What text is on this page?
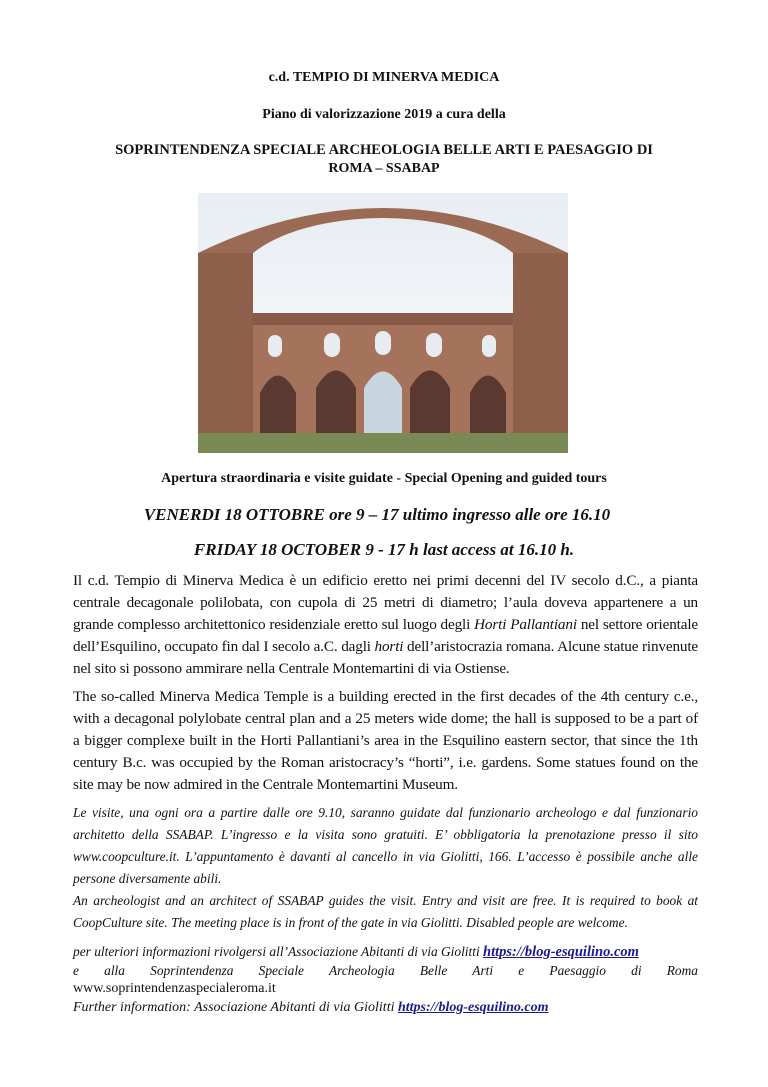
c.d. TEMPIO DI MINERVA MEDICA
Piano di valorizzazione 2019 a cura della
SOPRINTENDENZA SPECIALE ARCHEOLOGIA BELLE ARTI E PAESAGGIO DI
ROMA – SSABAP
Apertura straordinaria e visite guidate - Special Opening and guided tours
VENERDI 18 OTTOBRE ore 9 – 17 ultimo ingresso alle ore 16.10
FRIDAY 18 OCTOBER 9 - 17 h last access at 16.10 h.
Il c.d. Tempio di Minerva Medica è un edificio eretto nei primi decenni del IV secolo d.C., a pianta centrale decagonale polilobata, con cupola di 25 metri di diametro; l’aula doveva appartenere a un grande complesso architettonico residenziale eretto sul luogo degli Horti Pallantiani nel settore orientale dell’Esquilino, occupato fin dal I secolo a.C. dagli horti dell’aristocrazia romana. Alcune statue rinvenute nel sito si possono ammirare nella Centrale Montemartini di via Ostiense.
The so-called Minerva Medica Temple is a building erected in the first decades of the 4th century c.e., with a decagonal polylobate central plan and a 25 meters wide dome; the hall is supposed to be a part of a bigger complexe built in the Horti Pallantiani’s area in the Esquilino eastern sector, that since the 1th century B.c. was occupied by the Roman aristocracy’s “horti”, i.e. gardens. Some statues found on the site may be now admired in the Centrale Montemartini Museum.
Le visite, una ogni ora a partire dalle ore 9.10, saranno guidate dal funzionario archeologo e dal funzionario architetto della SSABAP. L’ingresso e la visita sono gratuiti. E’ obbligatoria la prenotazione presso il sito www.coopculture.it. L’appuntamento è davanti al cancello in via Giolitti, 166. L’accesso è possibile anche alle persone diversamente abili.
An archeologist and an architect of SSABAP guides the visit. Entry and visit are free. It is required to book at CoopCulture site. The meeting place is in front of the gate in via Giolitti. Disabled people are welcome.
per ulteriori informazioni rivolgersi all’Associazione Abitanti di via Giolitti https://blog-esquilino.com
e alla Soprintendenza Speciale Archeologia Belle Arti e Paesaggio di Roma
www.soprintendenzaspecialeroma.it
Further information: Associazione Abitanti di via Giolitti https://blog-esquilino.com
